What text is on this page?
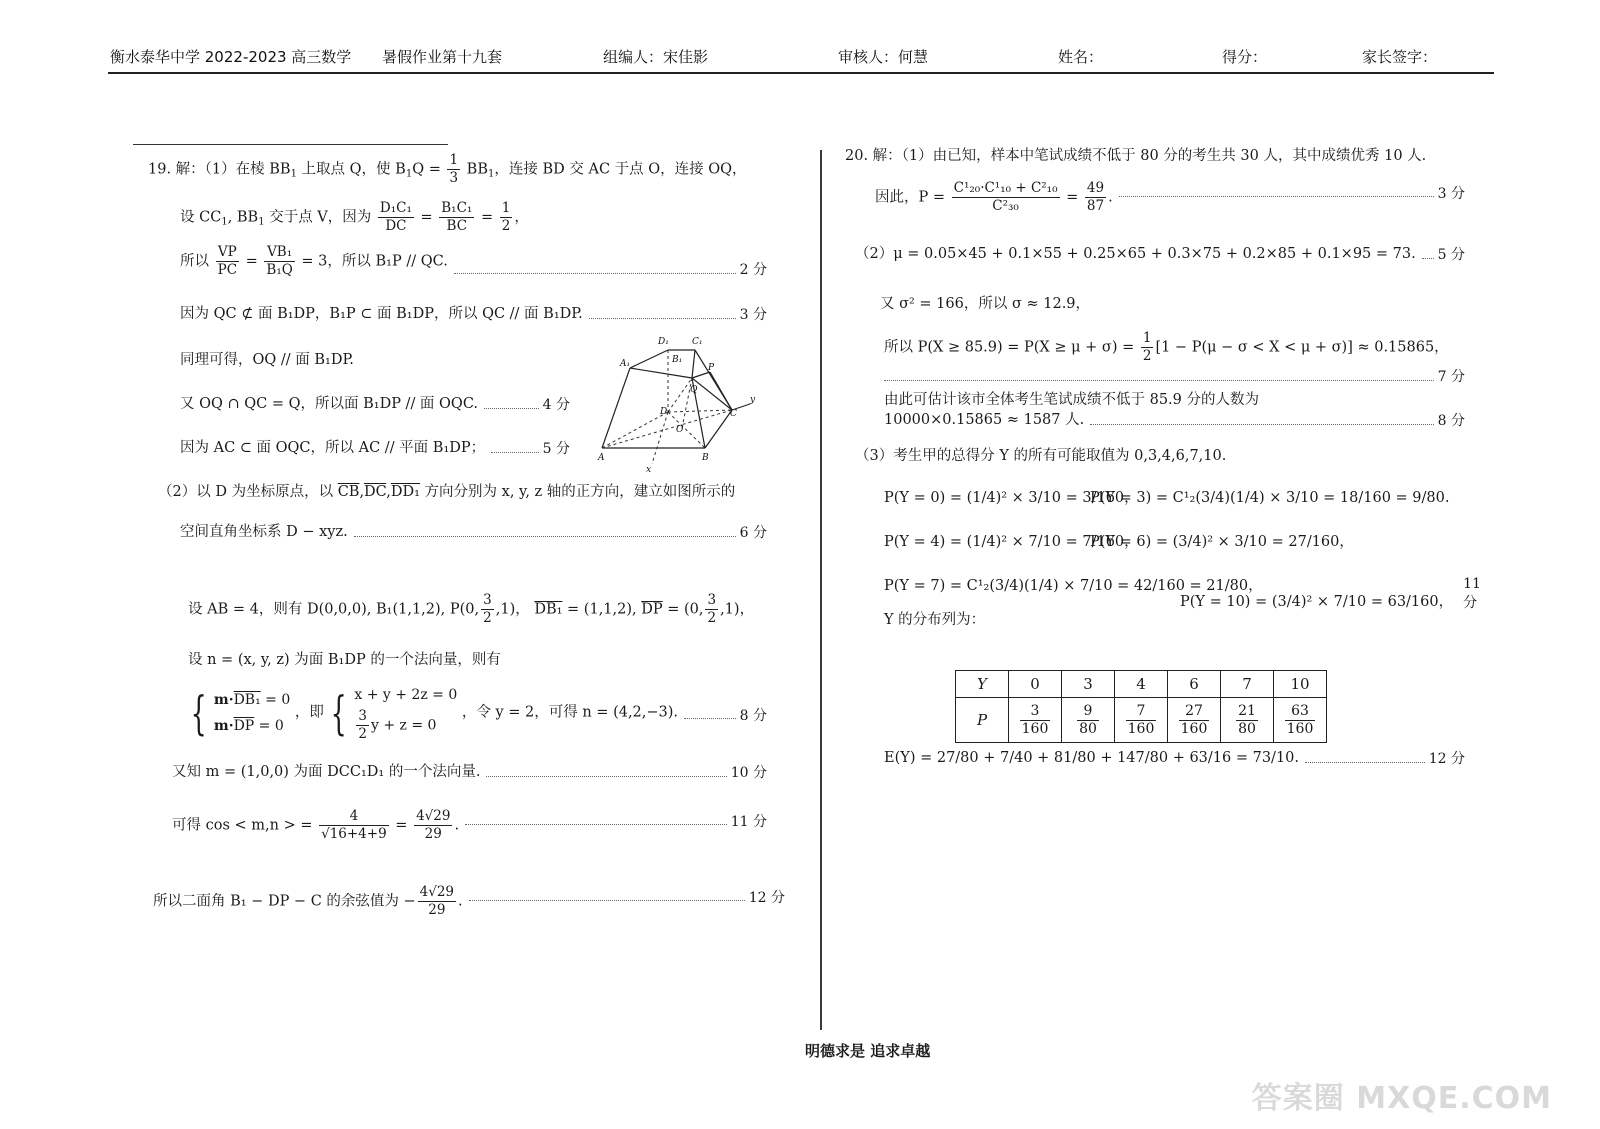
衡水泰华中学 2022-2023 高三数学 暑假作业第十九套	组编人：宋佳影	审核人：何慧	姓名：	得分：	家长签字：
19. 解：（1）在棱 $BB_1$ 上取点 Q，使 $B_1Q = \frac{1}{3} BB_1$，连接 BD 交 AC 于点 O，连接 OQ，
设 $CC_1$, $BB_1$ 交于点 V，因为 $\frac{\text{D₁C₁}}{DC} = \frac{\text{B₁C₁}}{BC} = \frac{1}{2}$ ，
所以 $\frac{VP}{PC} = \frac{\text{VB₁}}{\text{B₁Q}} = 3$，所以 B₁P // QC.
2 分
因为 QC ⊄ 面 B₁DP，B₁P ⊂ 面 B₁DP，所以 QC // 面 B₁DP.	3 分
同理可得，OQ // 面 B₁DP.
又 OQ ∩ QC = Q，所以面 B₁DP // 面 OQC.	4 分
因为 AC ⊂ 面 OQC，所以 AC // 平面 B₁DP；	5 分
D₁	C₁
A₁	B₁
P
Q
D	C
O
A	B
y
x
（2）以 D 为坐标原点，以 $\overline{CB},\overline{DC},DD_1$ 方向分别为 x, y, z 轴的正方向，建立如图所示的
空间直角坐标系 D − xyz.	6 分
设 AB = 4，则有 D(0,0,0), B₁(1,1,2), P(0, $\frac{3}{2} ,1$)， DB₁ = (1,1,2), $\overline{DP} = (0$, $\frac{3}{2} ,1$)，
设 n = (x, y, z) 为面 B₁DP 的一个法向量，则有
{ m·DB₁ = 0
$m\cdot\overline{DP} = 0$
，即 { x + y + 2z = 0
$\frac{3}{2}$ y + z = 0
，令 y = 2，可得 n = (4,2,−3).	8 分
又知 m = (1,0,0) 为面 DCC₁D₁ 的一个法向量.	10 分
可得 cos < m,n > = $\frac{4}{√16+4+9} = \frac{4√29}{29}$ .	11 分
所以二面角 B₁ − DP − C 的余弦值为 − $\frac{4√29}{29}$ .	12 分
20. 解：（1）由已知，样本中笔试成绩不低于 80 分的考生共 30 人，其中成绩优秀 10 人.
因此，$P = \frac{\text{C¹₂₀·C¹₁₀ + C²₁₀}}{\text{C²₃₀}} = \frac{49}{87}$ .	3 分
（2）μ = 0.05×45 + 0.1×55 + 0.25×65 + 0.3×75 + 0.2×85 + 0.1×95 = 73. 5 分
又 σ² = 166，所以 σ ≈ 12.9，
所以 $P(X \ge 85.9) = P(X \ge \mu + \sigma) = \frac{1}{2} [1 - P(\mu - \sigma < X < \mu + \sigma)] \approx 0.15865$，
7 分
由此可估计该市全体考生笔试成绩不低于 85.9 分的人数为
10000×0.15865 ≈ 1587 人.	8 分
（3）考生甲的总得分 Y 的所有可能取值为 0,3,4,6,7,10.
P(Y = 0) = (1/4)² × 3/10 = 3/160，
P(Y = 3) = C¹₂(3/4)(1/4) × 3/10 = 18/160 = 9/80.
P(Y = 4) = (1/4)² × 7/10 = 7/160，
P(Y = 6) = (3/4)² × 3/10 = 27/160，
P(Y = 7) = C¹₂(3/4)(1/4) × 7/10 = 42/160 = 21/80，
P(Y = 10) = (3/4)² × 7/10 = 63/160，
11 分
Y 的分布列为：
Y	0	3	4	6	7	10
P	$\frac{3}{160}$	$\frac{9}{80}$	$\frac{7}{160}$	$\frac{27}{160}$	$\frac{21}{80}$	$\frac{63}{160}$
E(Y) = 27/80 + 7/40 + 81/80 + 147/80 + 63/16 = 73/10.	12 分
明德求是 追求卓越
答案圈 MXQE.COM
